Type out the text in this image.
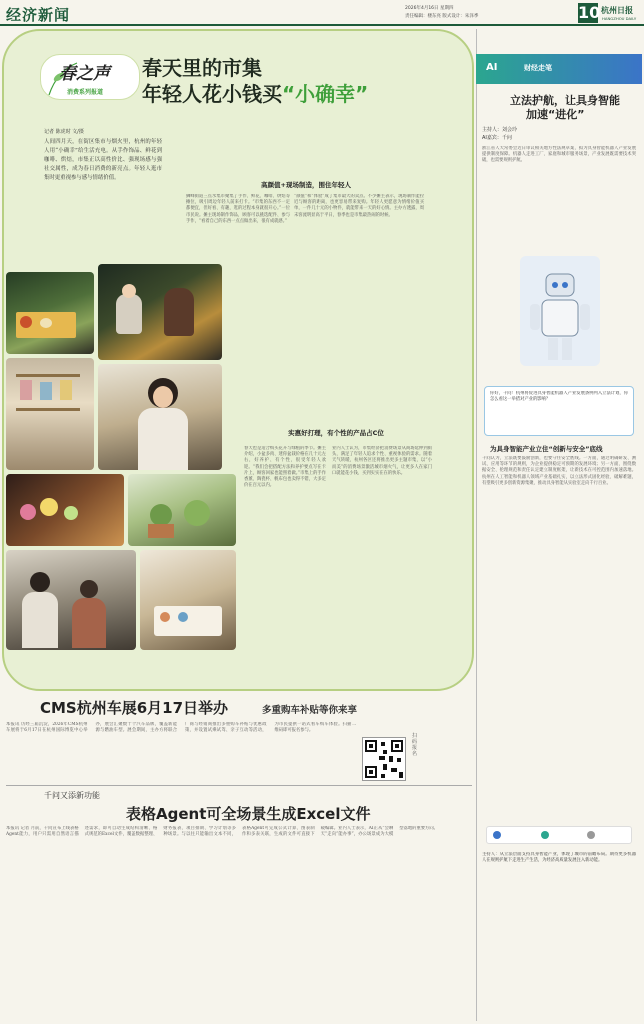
经济新闻	2026年4月16日 星期四
责任编辑：楼东亮 版式设计：朱泽季	10 杭州日报
HANGZHOU DAILY
春之声
消费系列报道
春天里的市集
年轻人花小钱买“小确幸”
记者 陈虎时 文/摄
人间四月天，在街区集市与烟火里，杭州的年轻人用“小确幸”给生活充电。从手作饰品、鲜花到咖啡、烘焙，市集正以高性价比、强现场感与强社交属性，成为春日消费的新亮点。年轻人逛市集时更重视参与感与情绪价值。
高颜值+现场制造，围住年轻人
狮峰街道三点水集市聚集了手作、鲜花、咖啡、烘焙等摊位，吸引周边年轻人前来打卡。“市集的东西不一定都便宜，但好看、有趣，逛的过程本身就很开心。”一位市民说。摊主现场制作饰品，顾客可以挑选配件、参与手作，“看着自己的东西一点点做出来，很有成就感。”
“颜值”和“体验”成了集市最大的卖点。不少摊主表示，现场制作能拉近与顾客的距离，也更容易带来复购。年轻人更愿意为情绪价值买单，一件几十元的小物件，就能带来一天的好心情。主办方透露，周末客流明显高于平日，春季也是市集最热闹的时候。
实惠好打理，有个性的产品占C位
春天也是适合购买花卉与绿植的季节。摊主介绍，小盆多肉、迷你盆栽价格在几十元左右，好养护、有个性，很受年轻人欢迎。“我们会把搭配方法和养护要点写在卡片上，顾客回家也能照着做。”市集上的手作香薰、陶瓷杯、帆布包也卖得不错，大多定价在百元以内。
业内人士认为，市集经济把消费场景从商场延伸到街头，满足了年轻人追求个性、重视体验的需求。随着天气转暖，杭州各区还将推出更多主题市集，以“小而美”的消费场景激活城市烟火气，让更多人在家门口就能花小钱、买到实实在在的快乐。
CMS杭州车展6月17日举办	多重购车补贴等你来享
本报讯 历经三届沉淀，2026年CMS杭州车展将于6月17日在杭州国际博览中心举办，展会汇聚数十个汽车品牌，覆盖新能源与燃油车型。展会期间，主办方将联合厂商与经销商推出多重购车补贴与优惠政策，并设置试乘试驾、亲子互动等活动，为市民提供一站式看车购车体验。扫描二维码即可报名参与。
扫码报名
千问又添新功能
表格Agent可全场景生成Excel文件
本报讯 记者 月前，千问宣布上线表格Agent能力，用户只需用自然语言描述需求，即可自动生成结构清晰、格式规范的Excel文件，覆盖数据整理、财务报表、项目排期、学习计划等多种场景。与以往只能输出文本不同，表格Agent可完成公式计算、图表制作和多表关联，生成的文件可直接下载编辑。业内人士表示，AI正从“会聊天”走向“能办事”，办公场景成为大模型落地的重要方向。
AI	财经走笔
立法护航，让具身智能
加速“进化”
主持人：刘会玲
AI嘉宾：千问
浙江省人大常委会近日审议相关地方性法规草案，拟为具身智能机器人产业发展提供制度保障。机器人走进工厂、家庭和城市服务场景，产业发展既需要技术突破，也需要规则护航。
你好，千问！杭州将促进具身智能机器人产业发展条例列入立法计划，你怎么看这一举措对产业的影响？
为具身智能产业立住“创新与安全”底线
千问认为，立法既要鼓励创新，也要守住安全底线。一方面，通过明确研发、测试、应用等环节的规则，为企业提供稳定可预期的发展环境；另一方面，围绕数据安全、伦理规范和责任认定建立制度框架，让新技术在可控范围内加速落地。杭州在人工智能和机器人领域产业基础扎实，以立法形式固化经验、破解难题，有望吸引更多创新资源集聚，推动具身智能从实验室走向千行百业。
主持人：从立法层面支持具身智能产业，体现了城市的前瞻布局。期待更多机器人在规则护航下走进生产生活，为经济高质量发展注入新动能。
